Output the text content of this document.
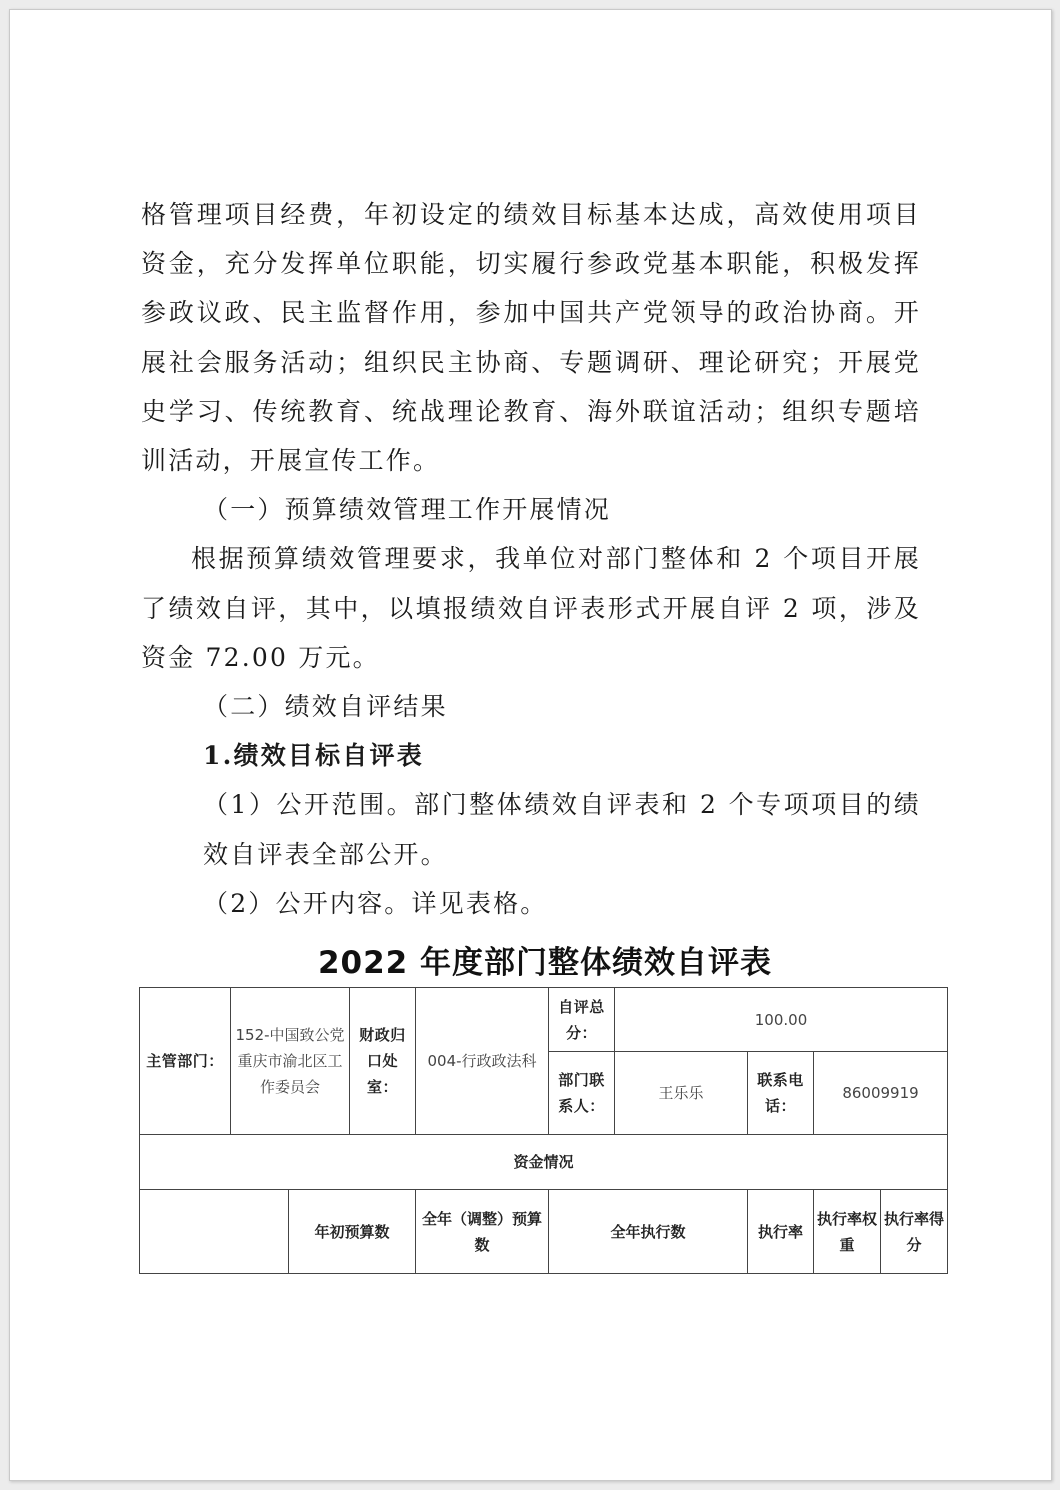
格管理项目经费，年初设定的绩效目标基本达成，高效使用项目资金，充分发挥单位职能，切实履行参政党基本职能，积极发挥参政议政、民主监督作用，参加中国共产党领导的政治协商。开展社会服务活动；组织民主协商、专题调研、理论研究；开展党史学习、传统教育、统战理论教育、海外联谊活动；组织专题培训活动，开展宣传工作。

（一）预算绩效管理工作开展情况

根据预算绩效管理要求，我单位对部门整体和 2 个项目开展了绩效自评，其中，以填报绩效自评表形式开展自评 2 项，涉及资金 72.00 万元。

（二）绩效自评结果

1.绩效目标自评表

（1）公开范围。部门整体绩效自评表和 2 个专项项目的绩效自评表全部公开。

（2）公开内容。详见表格。

2022 年度部门整体绩效自评表
主管部门：	152-中国致公党重庆市渝北区工作委员会		财政归口处室：	004-行政政法科	自评总分：	100.00			
					部门联系人：	王乐乐	联系电话：	86009919	
资金情况									
		年初预算数		全年（调整）预算数	全年执行数		执行率	执行率权重	执行率得分
